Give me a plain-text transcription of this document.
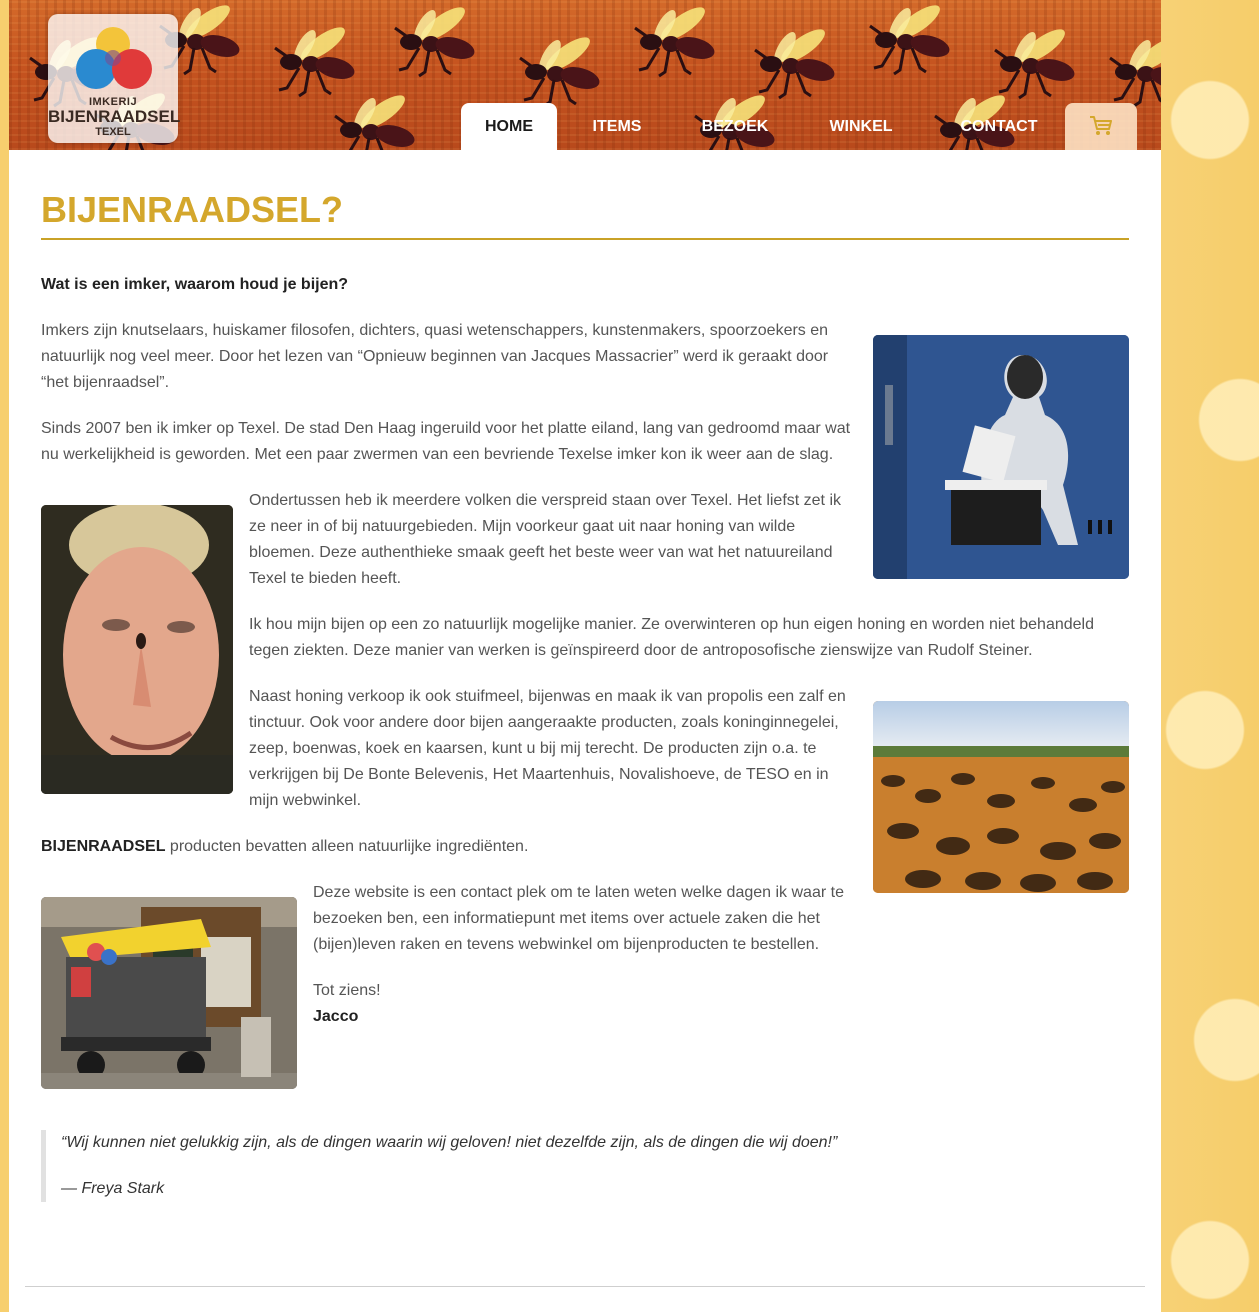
IMKERIJ
BIJENRAADSEL
TEXEL	HOME	ITEMS	BEZOEK	WINKEL	CONTACT
BIJENRAADSEL?

Wat is een imker, waarom houd je bijen?

Imkers zijn knutselaars, huiskamer filosofen, dichters, quasi wetenschappers, kunstenmakers, spoorzoekers en natuurlijk nog veel meer. Door het lezen van “Opnieuw beginnen van Jacques Massacrier” werd ik geraakt door “het bijenraadsel”.

Sinds 2007 ben ik imker op Texel. De stad Den Haag ingeruild voor het platte eiland, lang van gedroomd maar wat nu werkelijkheid is geworden. Met een paar zwermen van een bevriende Texelse imker kon ik weer aan de slag.

Ondertussen heb ik meerdere volken die verspreid staan over Texel. Het liefst zet ik ze neer in of bij natuurgebieden. Mijn voorkeur gaat uit naar honing van wilde bloemen. Deze authenthieke smaak geeft het beste weer van wat het natuureiland Texel te bieden heeft.

Ik hou mijn bijen op een zo natuurlijk mogelijke manier. Ze overwinteren op hun eigen honing en worden niet behandeld tegen ziekten. Deze manier van werken is geïnspireerd door de antroposofische zienswijze van Rudolf Steiner.

Naast honing verkoop ik ook stuifmeel, bijenwas en maak ik van propolis een zalf en tinctuur. Ook voor andere door bijen aangeraakte producten, zoals koninginnegelei, zeep, boenwas, koek en kaarsen, kunt u bij mij terecht. De producten zijn o.a. te verkrijgen bij De Bonte Belevenis, Het Maartenhuis, Novalishoeve, de TESO en in mijn webwinkel.

BIJENRAADSEL producten bevatten alleen natuurlijke ingrediënten.

Deze website is een contact plek om te laten weten welke dagen ik waar te bezoeken ben, een informatiepunt met items over actuele zaken die het (bijen)leven raken en tevens webwinkel om bijenproducten te bestellen.

Tot ziens!

Jacco

“Wij kunnen niet gelukkig zijn, als de dingen waarin wij geloven! niet dezelfde zijn, als de dingen die wij doen!”

— Freya Stark
